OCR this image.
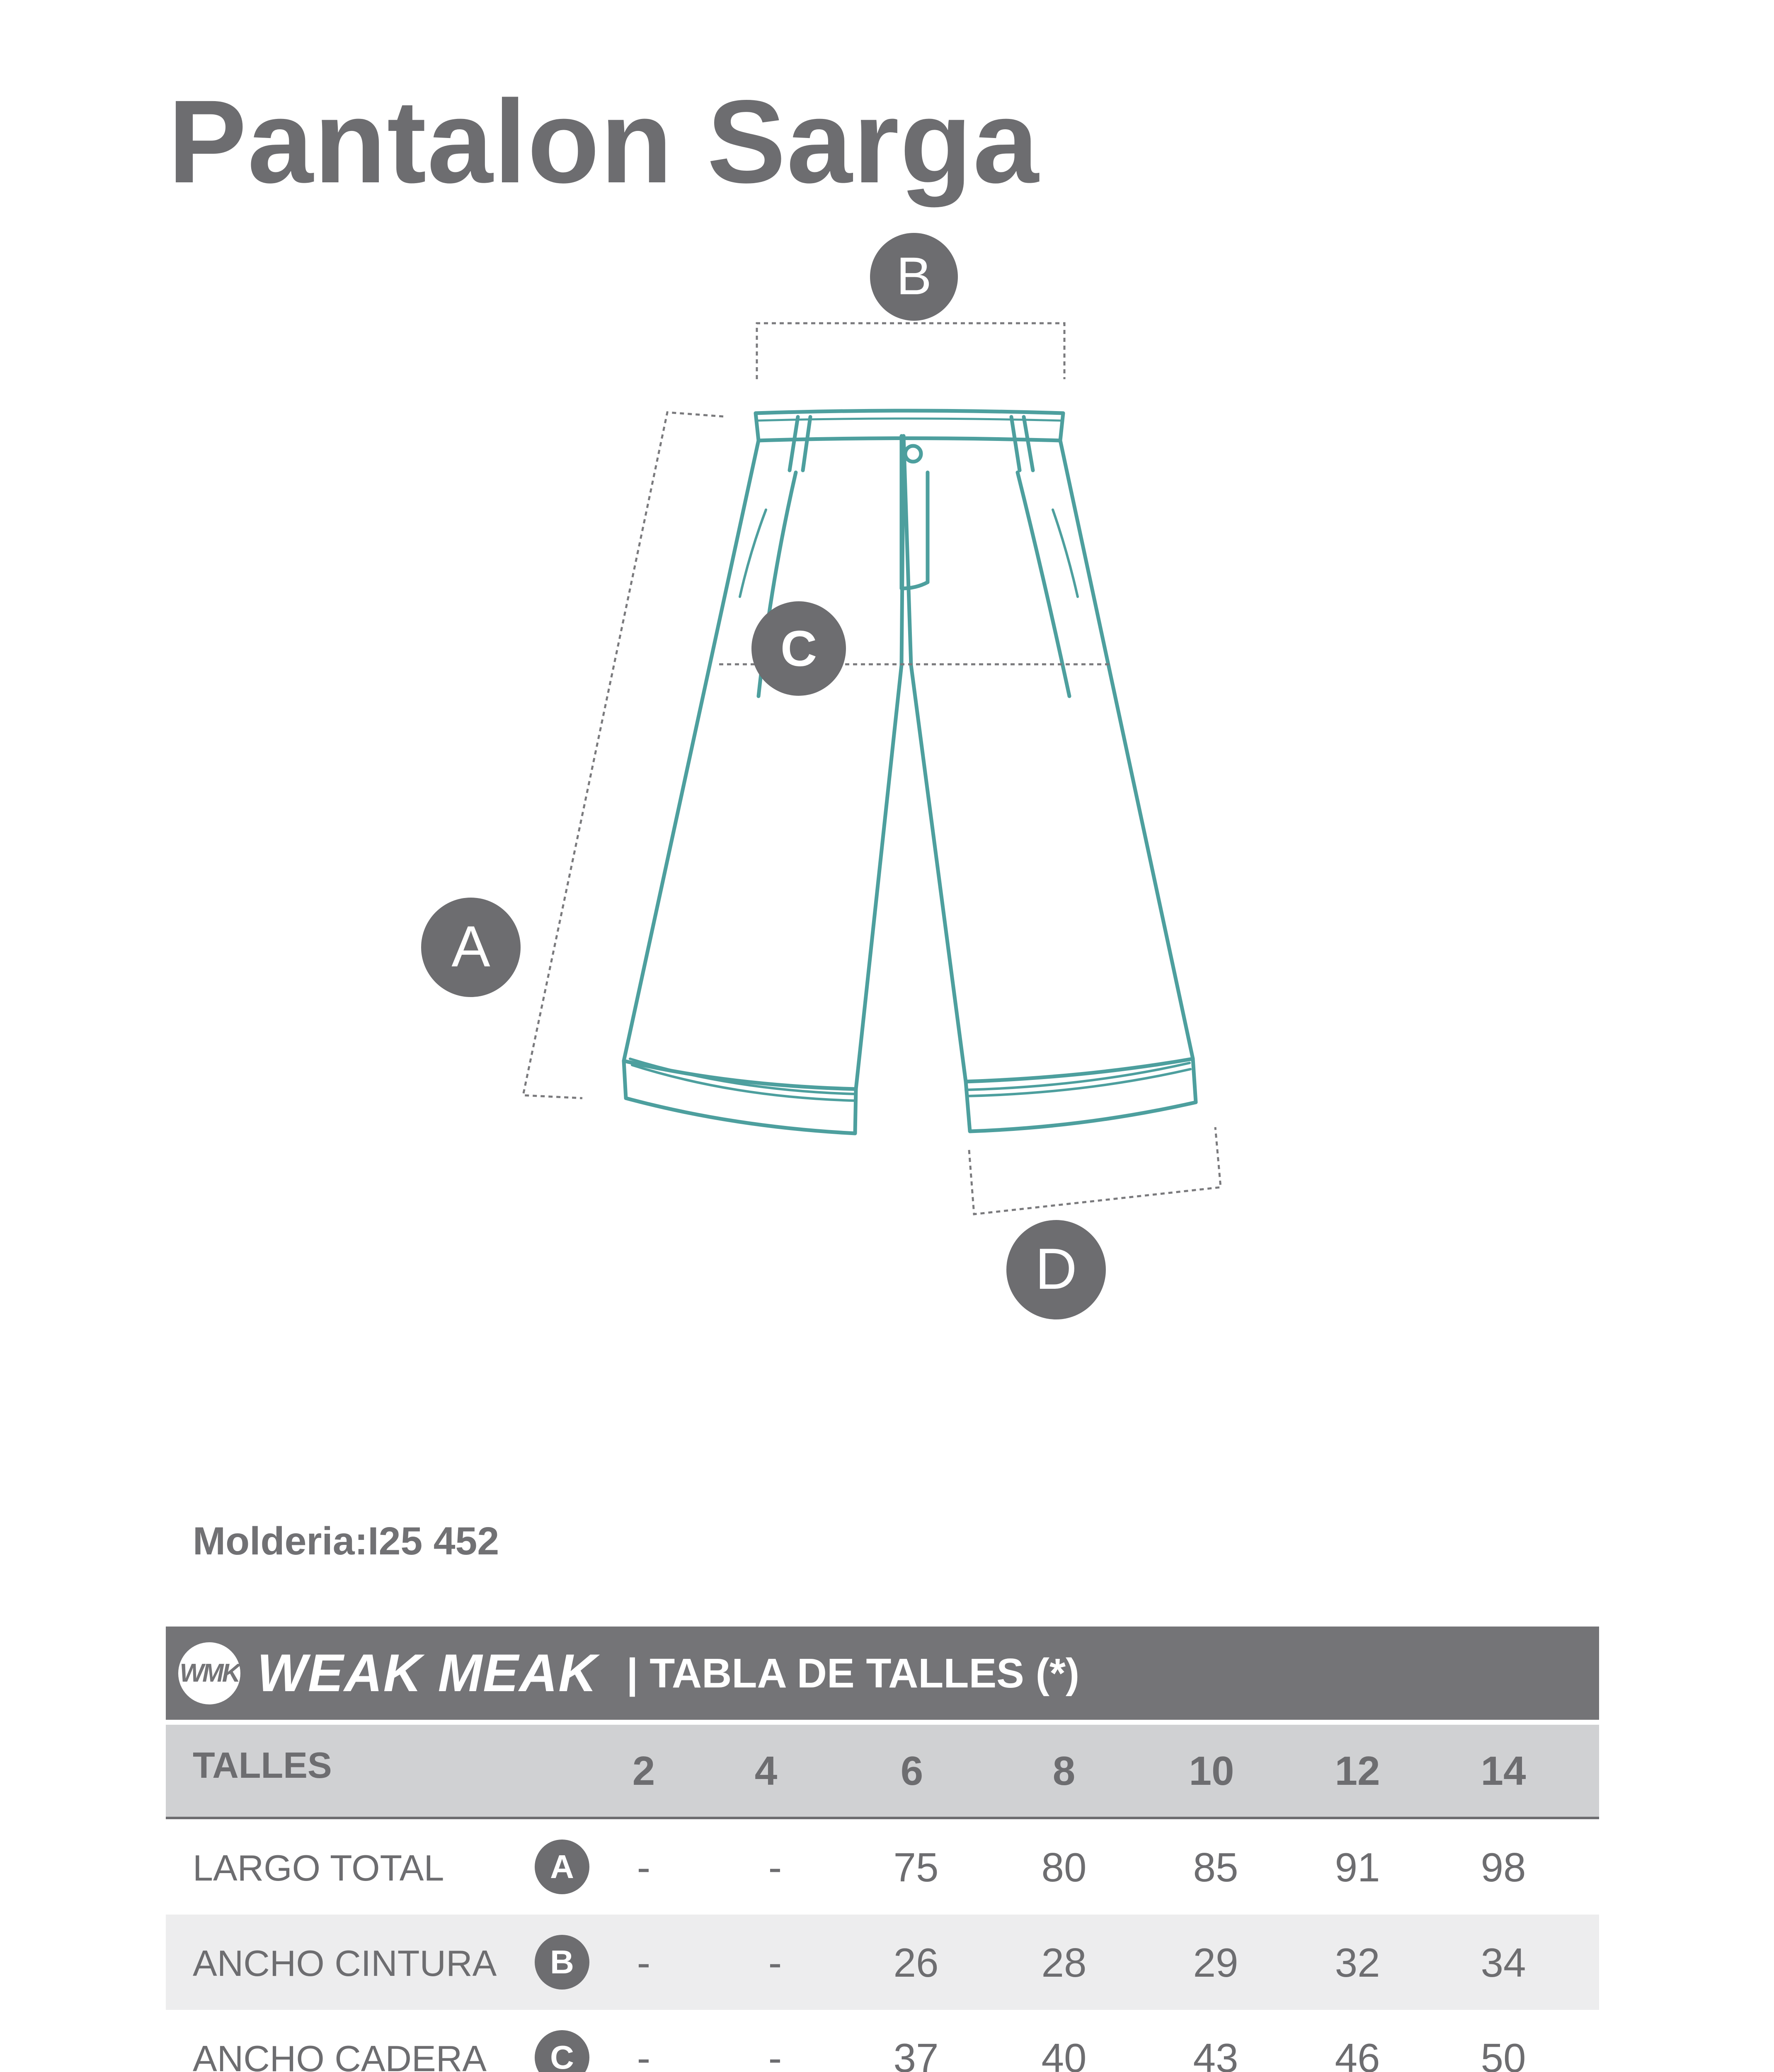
Pantalon Sarga
B
C
A
D
Molderia:I25 452
WMK WEAK MEAK | TABLA DE TALLES (*)
TALLES	2	4	6	8	10	12	14
LARGO TOTAL	A	-	-	75	80	85	91	98
ANCHO CINTURA	B	-	-	26	28	29	32	34
ANCHO CADERA	C	-	-	37	40	43	46	50
